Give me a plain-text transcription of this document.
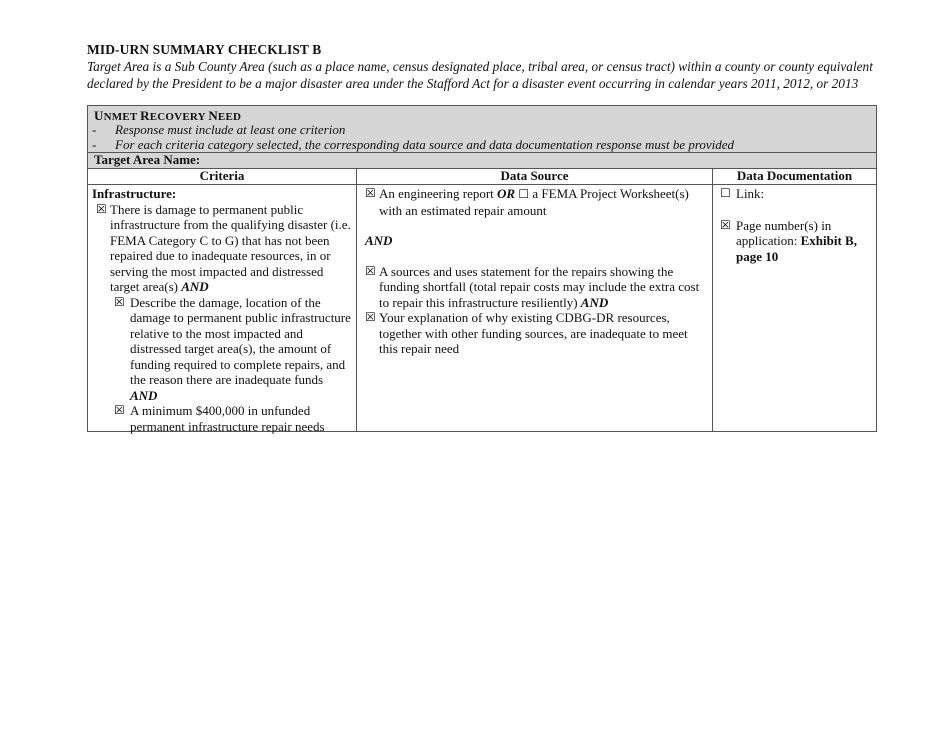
MID-URN SUMMARY CHECKLIST B
Target Area is a Sub County Area (such as a place name, census designated place, tribal area, or census tract) within a county or county equivalent declared by the President to be a major disaster area under the Stafford Act for a disaster event occurring in calendar years 2011, 2012, or 2013
UNMET RECOVERY NEED
- Response must include at least one criterion
- For each criteria category selected, the corresponding data source and data documentation response must be provided
Target Area Name:
Criteria	Data Source	Data Documentation

Infrastructure:

☒ There is damage to permanent public infrastructure from the qualifying disaster (i.e. FEMA Category C to G) that has not been repaired due to inadequate resources, in or serving the most impacted and distressed target area(s) AND
☒ Describe the damage, location of the damage to permanent public infrastructure relative to the most impacted and distressed target area(s), the amount of funding required to complete repairs, and the reason there are inadequate funds AND
☒ A minimum $400,000 in unfunded permanent infrastructure repair needs
☒ An engineering report OR ☐ a FEMA Project Worksheet(s) with an estimated repair amount

AND

☒ A sources and uses statement for the repairs showing the funding shortfall (total repair costs may include the extra cost to repair this infrastructure resiliently) AND
☒ Your explanation of why existing CDBG-DR resources, together with other funding sources, are inadequate to meet this repair need
☐ Link:
☒ Page number(s) in application: Exhibit B, page 10
